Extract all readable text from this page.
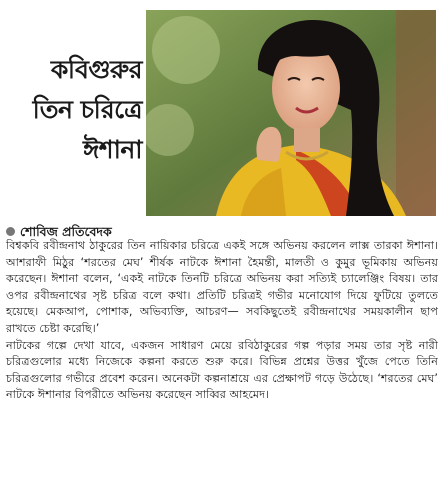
কবিগুরুর
তিন চরিত্রে
ঈশানা
শোবিজ প্রতিবেদক

বিশ্বকবি রবীন্দ্রনাথ ঠাকুরের তিন নায়িকার চরিত্রে একই সঙ্গে অভিনয় করলেন লাক্স তারকা ঈশানা। আশরাফী মিঠুর ‘শরতের মেঘ’ শীর্ষক নাটকে ঈশানা হৈমন্তী, মালতী ও কুমুর ভূমিকায় অভিনয় করেছেন। ঈশানা বলেন, ‘একই নাটকে তিনটি চরিত্রে অভিনয় করা সত্যিই চ্যালেঞ্জিং বিষয়। তার ওপর রবীন্দ্রনাথের সৃষ্ট চরিত্র বলে কথা। প্রতিটি চরিত্রই গভীর মনোযোগ দিয়ে ফুটিয়ে তুলতে হয়েছে। মেকআপ, পোশাক, অভিব্যক্তি, আচরণ— সবকিছুতেই রবীন্দ্রনাথের সময়কালীন ছাপ রাখতে চেষ্টা করেছি।’

নাটকের গল্পে দেখা যাবে, একজন সাধারণ মেয়ে রবিঠাকুরের গল্প পড়ার সময় তার সৃষ্ট নারী চরিত্রগুলোর মধ্যে নিজেকে কল্পনা করতে শুরু করে। বিভিন্ন প্রশ্নের উত্তর খুঁজে পেতে তিনি চরিত্রগুলোর গভীরে প্রবেশ করেন। অনেকটা কল্পনাশ্রয়ে এর প্রেক্ষাপট গড়ে উঠেছে। ‘শরতের মেঘ’ নাটকে ঈশানার বিপরীতে অভিনয় করেছেন সাব্বির আহমেদ।
